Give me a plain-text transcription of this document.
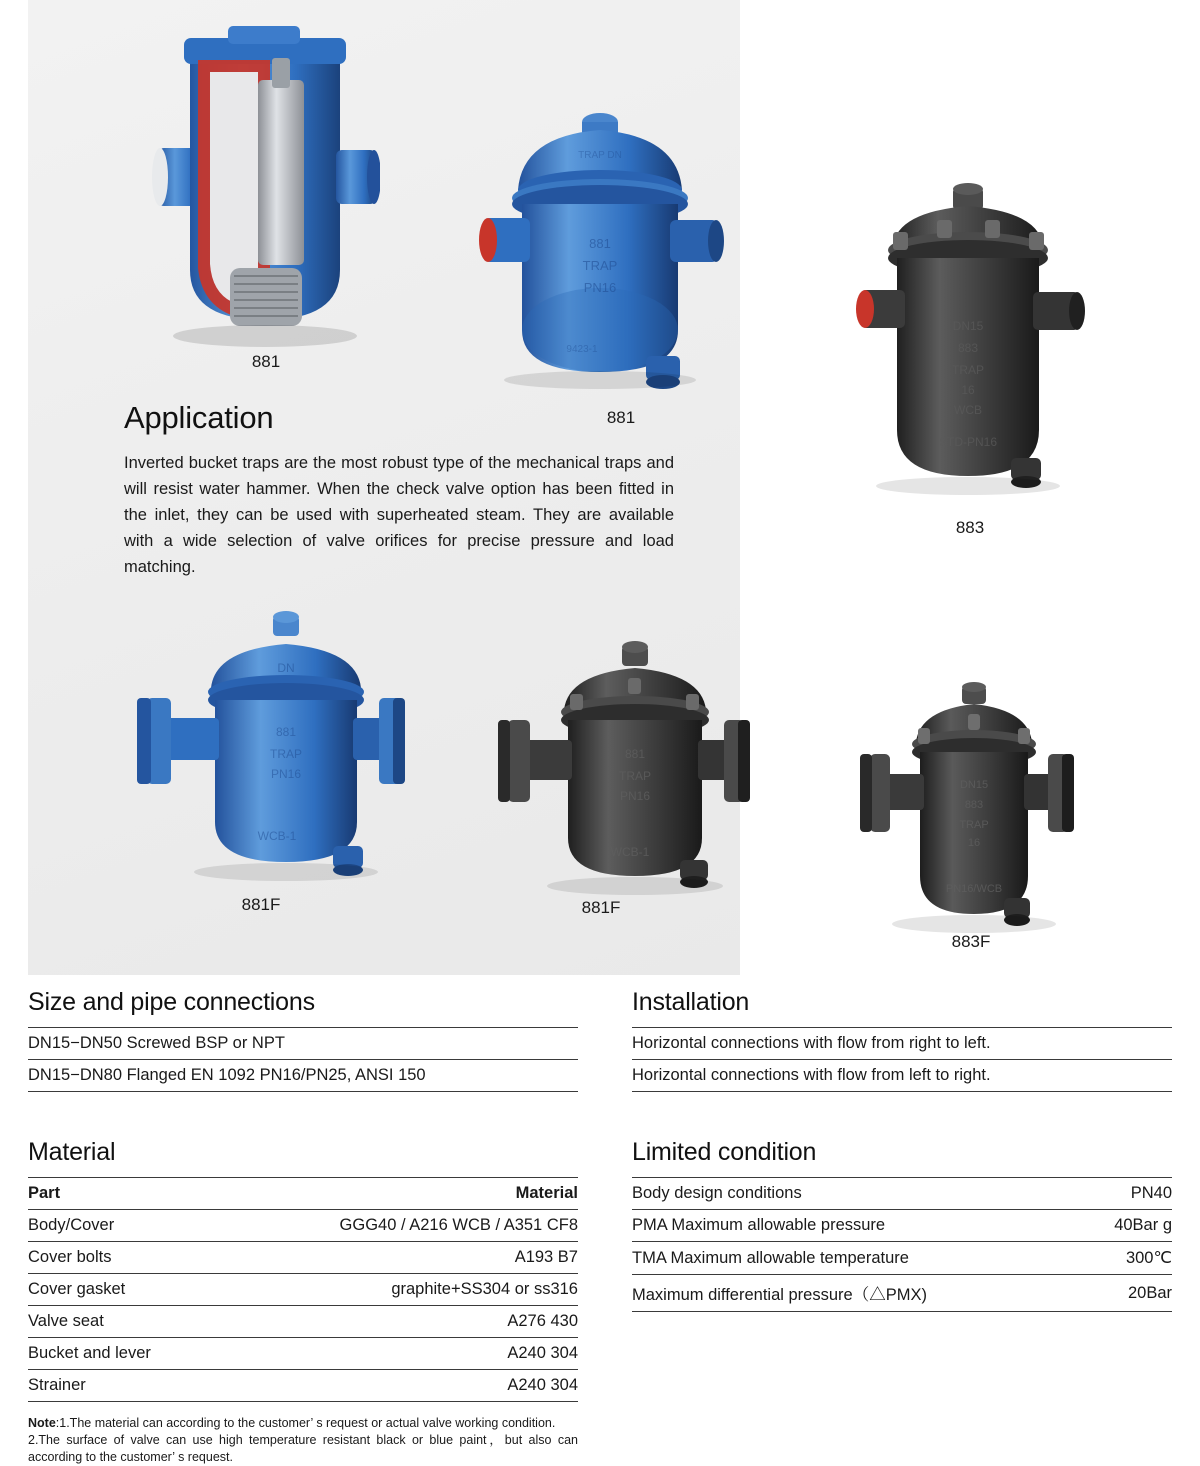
881
881
TRAP
PN16
9423-1
TRAP DN
881
DN15
883
TRAP
16
WCB
STD-PN16
883
881
TRAP
PN16
WCB-1
DN
881F
881
TRAP
PN16
WCB-1
881F
DN15
883
TRAP
16
PN16/WCB
883F
Application

Inverted bucket traps are the most robust type of the mechanical traps and will resist water hammer. When the check valve option has been fitted in the inlet, they can be used with superheated steam. They are available with a wide selection of valve orifices for precise pressure and load matching.

Size and pipe connections
DN15−DN50 Screwed BSP or NPT
DN15−DN80 Flanged EN 1092 PN16/PN25, ANSI 150
Material
Part	Material
Body/Cover	GGG40 / A216 WCB / A351 CF8
Cover bolts	A193 B7
Cover gasket	graphite+SS304 or ss316
Valve seat	A276 430
Bucket and lever	A240 304
Strainer	A240 304
Note:1.The material can according to the customer’ s request or actual valve working condition.
2.The surface of valve can use high temperature resistant black or blue paint，but also can according to the customer’ s request.
Installation
Horizontal connections with flow from right to left.
Horizontal connections with flow from left to right.
Limited condition
Body design conditions	PN40
PMA Maximum allowable pressure	40Bar g
TMA Maximum allowable temperature	300℃
Maximum differential pressure（△PMX)	20Bar
